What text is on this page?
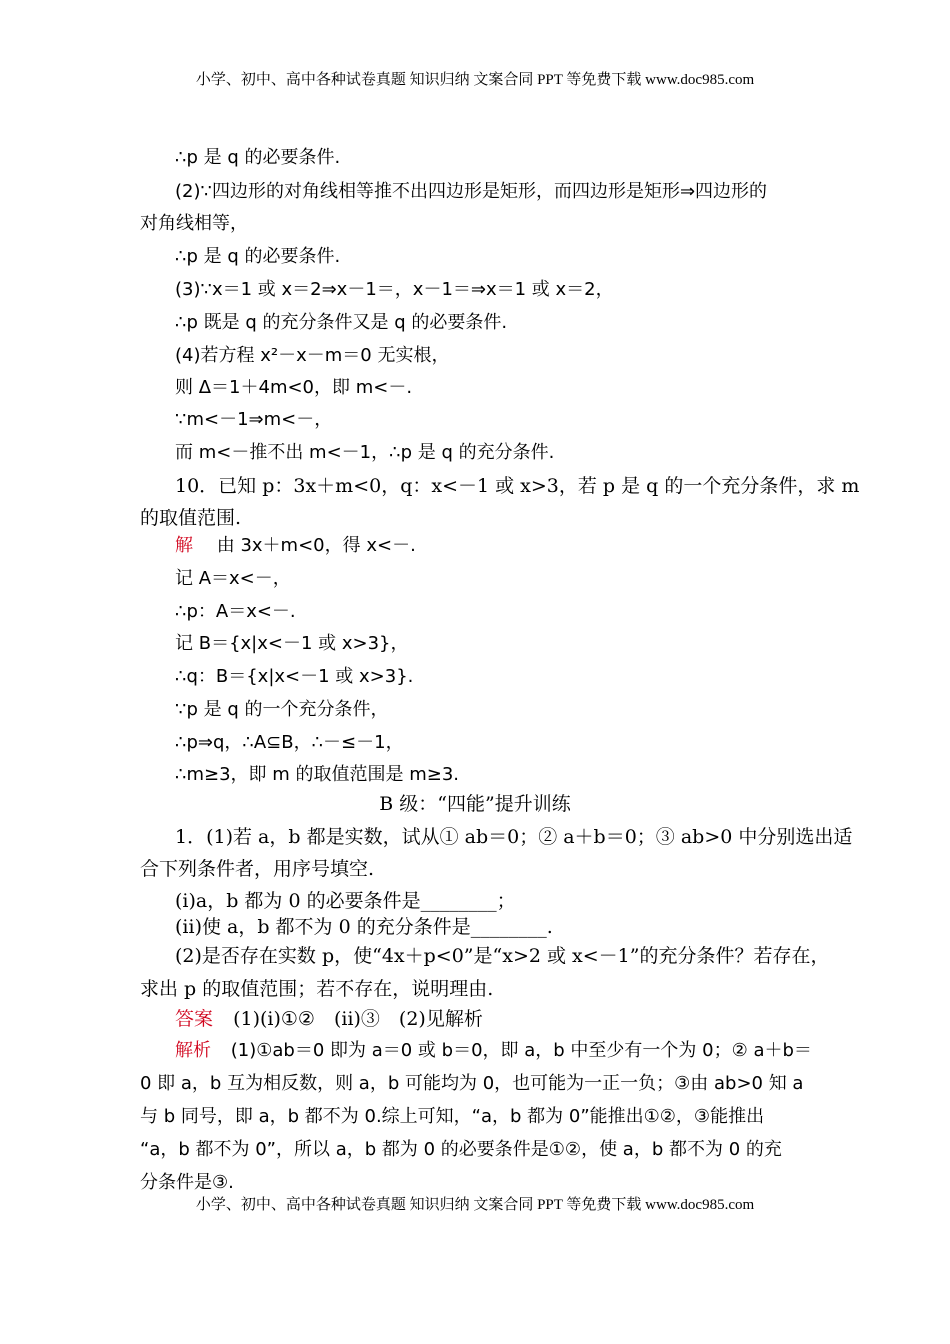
小学、初中、高中各种试卷真题 知识归纳 文案合同 PPT 等免费下载 www.doc985.com
∴p 是 q 的必要条件.
(2)∵四边形的对角线相等推不出四边形是矩形，而四边形是矩形⇒四边形的
对角线相等，
∴p 是 q 的必要条件.
(3)∵x＝1 或 x＝2⇒x－1＝，x－1＝⇒x＝1 或 x＝2，
∴p 既是 q 的充分条件又是 q 的必要条件.
(4)若方程 x²－x－m＝0 无实根，
则 Δ＝1＋4m<0，即 m<－.
∵m<－1⇒m<－，
而 m<－推不出 m<－1，∴p 是 q 的充分条件.
10．已知 p：3x＋m<0，q：x<－1 或 x>3，若 p 是 q 的一个充分条件，求 m
的取值范围.
解 由 3x＋m<0，得 x<－.
记 A＝x<－，
∴p：A＝x<－.
记 B＝{x|x<－1 或 x>3}，
∴q：B＝{x|x<－1 或 x>3}.
∵p 是 q 的一个充分条件，
∴p⇒q，∴A⊆B，∴－≤－1，
∴m≥3，即 m 的取值范围是 m≥3.
B 级：“四能”提升训练
1．(1)若 a，b 都是实数，试从① ab＝0；② a＋b＝0；③ ab>0 中分别选出适
合下列条件者，用序号填空.
(ⅰ)a，b 都为 0 的必要条件是________；
(ⅱ)使 a，b 都不为 0 的充分条件是________.
(2)是否存在实数 p，使“4x＋p<0”是“x>2 或 x<－1”的充分条件？若存在，
求出 p 的取值范围；若不存在，说明理由.
答案 (1)(ⅰ)①②　(ⅱ)③　(2)见解析
解析 (1)①ab＝0 即为 a＝0 或 b＝0，即 a，b 中至少有一个为 0；② a＋b＝
0 即 a，b 互为相反数，则 a，b 可能均为 0，也可能为一正一负；③由 ab>0 知 a
与 b 同号，即 a，b 都不为 0.综上可知，“a，b 都为 0”能推出①②，③能推出
“a，b 都不为 0”，所以 a，b 都为 0 的必要条件是①②，使 a，b 都不为 0 的充
分条件是③.
小学、初中、高中各种试卷真题 知识归纳 文案合同 PPT 等免费下载 www.doc985.com
